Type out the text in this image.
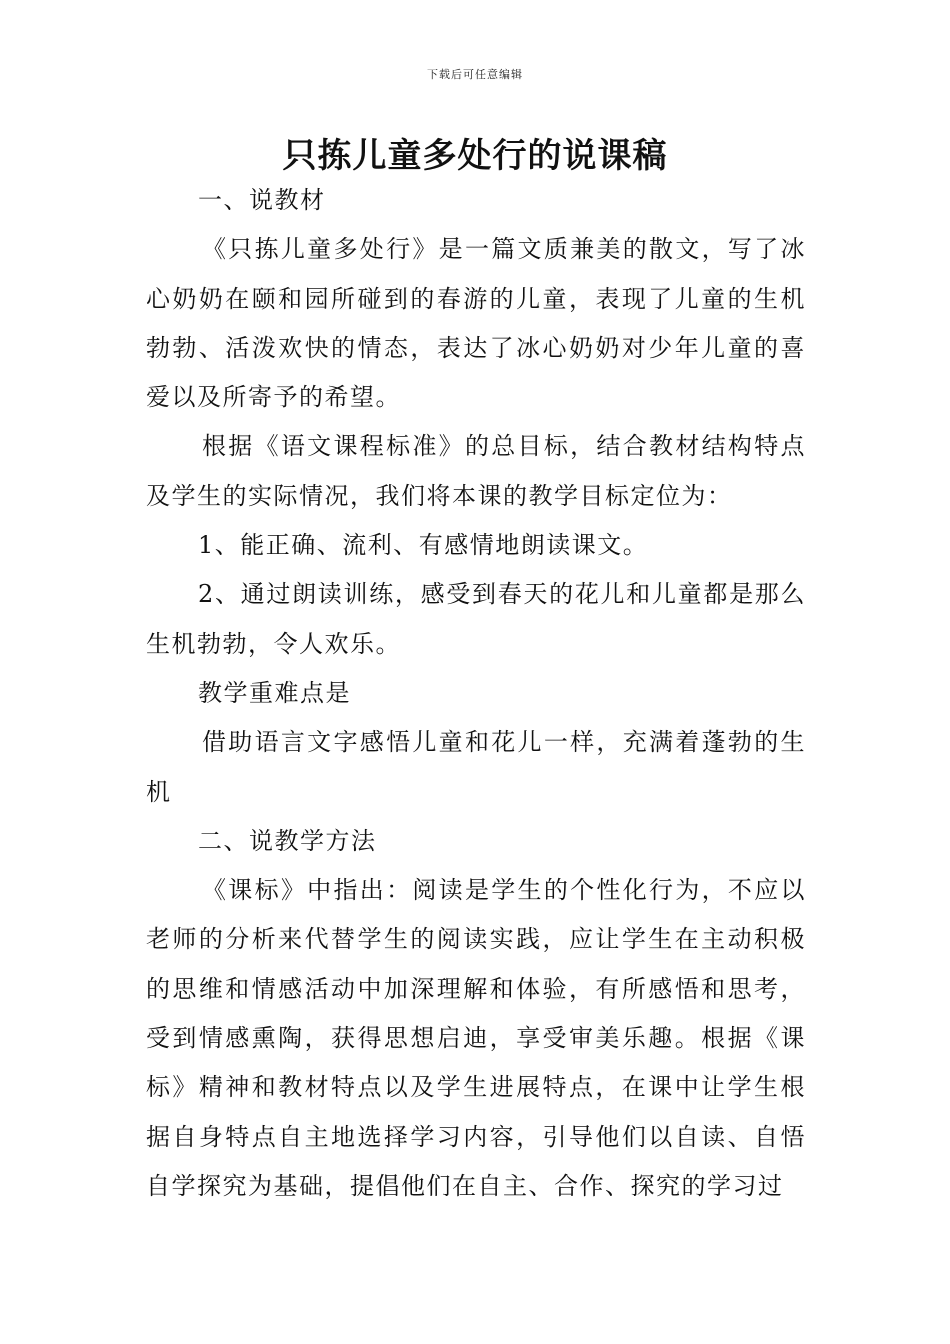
下载后可任意编辑
只拣儿童多处行的说课稿

一、说教材

《只拣儿童多处行》是一篇文质兼美的散文，写了冰心奶奶在颐和园所碰到的春游的儿童，表现了儿童的生机勃勃、活泼欢快的情态，表达了冰心奶奶对少年儿童的喜爱以及所寄予的希望。

根据《语文课程标准》的总目标，结合教材结构特点及学生的实际情况，我们将本课的教学目标定位为：

1、能正确、流利、有感情地朗读课文。

2、通过朗读训练，感受到春天的花儿和儿童都是那么生机勃勃，令人欢乐。

教学重难点是

借助语言文字感悟儿童和花儿一样，充满着蓬勃的生机

二、说教学方法

《课标》中指出：阅读是学生的个性化行为，不应以老师的分析来代替学生的阅读实践，应让学生在主动积极的思维和情感活动中加深理解和体验，有所感悟和思考，受到情感熏陶，获得思想启迪，享受审美乐趣。根据《课标》精神和教材特点以及学生进展特点，在课中让学生根据自身特点自主地选择学习内容，引导他们以自读、自悟自学探究为基础，提倡他们在自主、合作、探究的学习过
